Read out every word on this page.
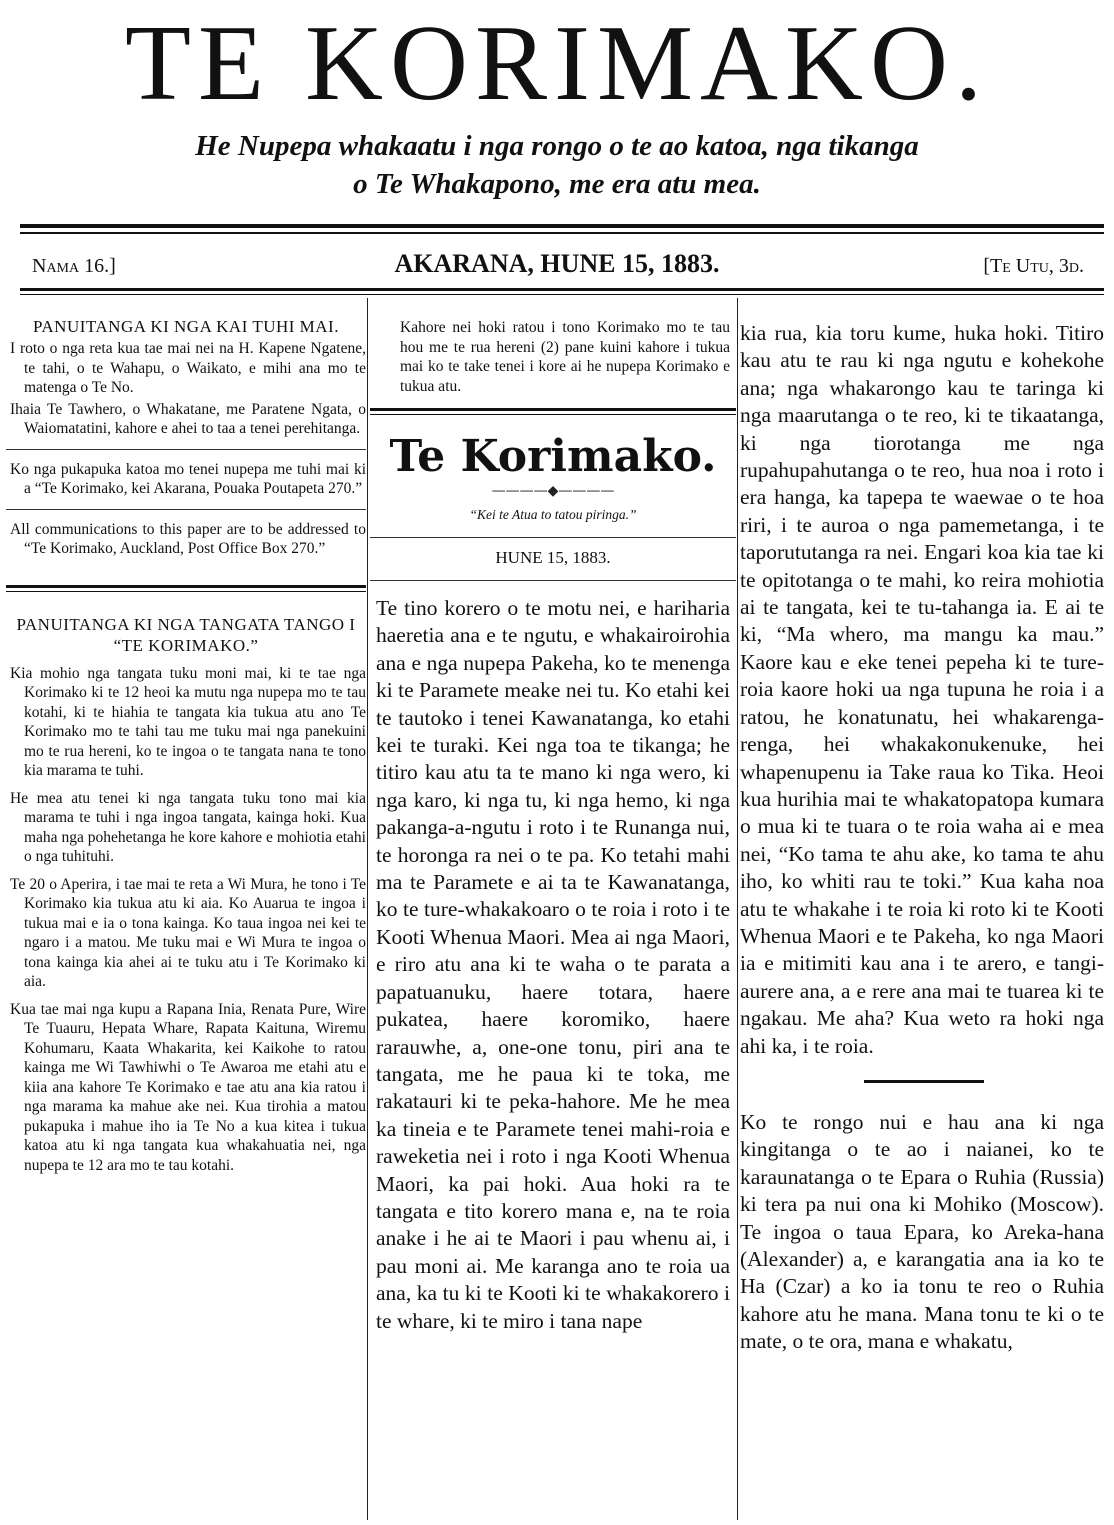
TE KORIMAKO.
He Nupepa whakaatu i nga rongo o te ao katoa, nga tikanga
o Te Whakapono, me era atu mea.
Nama 16.]	AKARANA, HUNE 15, 1883.	[Te Utu, 3d.
PANUITANGA KI NGA KAI TUHI MAI.

I roto o nga reta kua tae mai nei na H. Kapene Ngatene, te tahi, o te Wahapu, o Waikato, e mihi ana mo te matenga o Te No.

Ihaia Te Tawhero, o Whakatane, me Paratene Ngata, o Waiomatatini, kahore e ahei to taa a tenei perehitanga.

Ko nga pukapuka katoa mo tenei nupepa me tuhi mai ki a “Te Korimako, kei Akarana, Pouaka Poutapeta 270.”

All communications to this paper are to be addressed to “Te Korimako, Auckland, Post Office Box 270.”

PANUITANGA KI NGA TANGATA TANGO I “TE KORIMAKO.”

Kia mohio nga tangata tuku moni mai, ki te tae nga Korimako ki te 12 heoi ka mutu nga nupepa mo te tau kotahi, ki te hiahia te tangata kia tukua atu ano Te Korimako mo te tahi tau me tuku mai nga panekuini mo te rua hereni, ko te ingoa o te tangata nana te tono kia marama te tuhi.

He mea atu tenei ki nga tangata tuku tono mai kia marama te tuhi i nga ingoa tangata, kainga hoki. Kua maha nga pohehetanga he kore kahore e mohiotia etahi o nga tuhituhi.

Te 20 o Aperira, i tae mai te reta a Wi Mura, he tono i Te Korimako kia tukua atu ki aia. Ko Auarua te ingoa i tukua mai e ia o tona kainga. Ko taua ingoa nei kei te ngaro i a matou. Me tuku mai e Wi Mura te ingoa o tona kainga kia ahei ai te tuku atu i Te Korimako ki aia.

Kua tae mai nga kupu a Rapana Inia, Renata Pure, Wire Te Tuauru, Hepata Whare, Rapata Kaituna, Wiremu Kohumaru, Kaata Whakarita, kei Kaikohe to ratou kainga me Wi Tawhiwhi o Te Awaroa me etahi atu e kiia ana kahore Te Korimako e tae atu ana kia ratou i nga marama ka mahue ake nei. Kua tirohia a matou pukapuka i mahue iho ia Te No a kua kitea i tukua katoa atu ki nga tangata kua whakahuatia nei, nga nupepa te 12 ara mo te tau kotahi.

Kahore nei hoki ratou i tono Korimako mo te tau hou me te rua hereni (2) pane kuini kahore i tukua mai ko te take tenei i kore ai he nupepa Korimako e tukua atu.

Te Korimako.
————◆————
“Kei te Atua to tatou piringa.”
HUNE 15, 1883.

Te tino korero o te motu nei, e hariharia haeretia ana e te ngutu, e whakairoirohia ana e nga nupepa Pakeha, ko te menenga ki te Paramete meake nei tu. Ko etahi kei te tautoko i tenei Kawanatanga, ko etahi kei te turaki. Kei nga toa te tikanga; he titiro kau atu ta te mano ki nga wero, ki nga karo, ki nga tu, ki nga hemo, ki nga pakanga-a-ngutu i roto i te Runanga nui, te horonga ra nei o te pa. Ko tetahi mahi ma te Paramete e ai ta te Kawanatanga, ko te ture-whakakoaro o te roia i roto i te Kooti Whenua Maori. Mea ai nga Maori, e riro atu ana ki te waha o te parata a papatuanuku, haere totara, haere pukatea, haere koromiko, haere rarauwhe, a, one-one tonu, piri ana te tangata, me he paua ki te toka, me rakatauri ki te peka-hahore. Me he mea ka tineia e te Paramete tenei mahi-roia e raweketia nei i roto i nga Kooti Whenua Maori, ka pai hoki. Aua hoki ra te tangata e tito korero mana e, na te roia anake i he ai te Maori i pau whenu ai, i pau moni ai. Me karanga ano te roia ua ana, ka tu ki te Kooti ki te whakakorero i te whare, ki te miro i tana nape

kia rua, kia toru kume, huka hoki. Titiro kau atu te rau ki nga ngutu e kohekohe ana; nga whakarongo kau te taringa ki nga maarutanga o te reo, ki te tikaatanga, ki nga tiorotanga me nga rupahupahutanga o te reo, hua noa i roto i era hanga, ka tapepa te waewae o te hoa riri, i te auroa o nga pamemetanga, i te taporututanga ra nei. Engari koa kia tae ki te opitotanga o te mahi, ko reira mohiotia ai te tangata, kei te tu-tahanga ia. E ai te ki, “Ma whero, ma mangu ka mau.” Kaore kau e eke tenei pepeha ki te ture-roia kaore hoki ua nga tupuna he roia i a ratou, he konatunatu, hei whakarenga-renga, hei whakakonukenuke, hei whapenupenu ia Take raua ko Tika. Heoi kua hurihia mai te whakatopatopa kumara o mua ki te tuara o te roia waha ai e mea nei, “Ko tama te ahu ake, ko tama te ahu iho, ko whiti rau te toki.” Kua kaha noa atu te whakahe i te roia ki roto ki te Kooti Whenua Maori e te Pakeha, ko nga Maori ia e mitimiti kau ana i te arero, e tangi-aurere ana, a e rere ana mai te tuarea ki te ngakau. Me aha? Kua weto ra hoki nga ahi ka, i te roia.

Ko te rongo nui e hau ana ki nga kingitanga o te ao i naianei, ko te karaunatanga o te Epara o Ruhia (Russia) ki tera pa nui ona ki Mohiko (Moscow). Te ingoa o taua Epara, ko Areka-hana (Alexander) a, e karangatia ana ia ko te Ha (Czar) a ko ia tonu te reo o Ruhia kahore atu he mana. Mana tonu te ki o te mate, o te ora, mana e whakatu,
